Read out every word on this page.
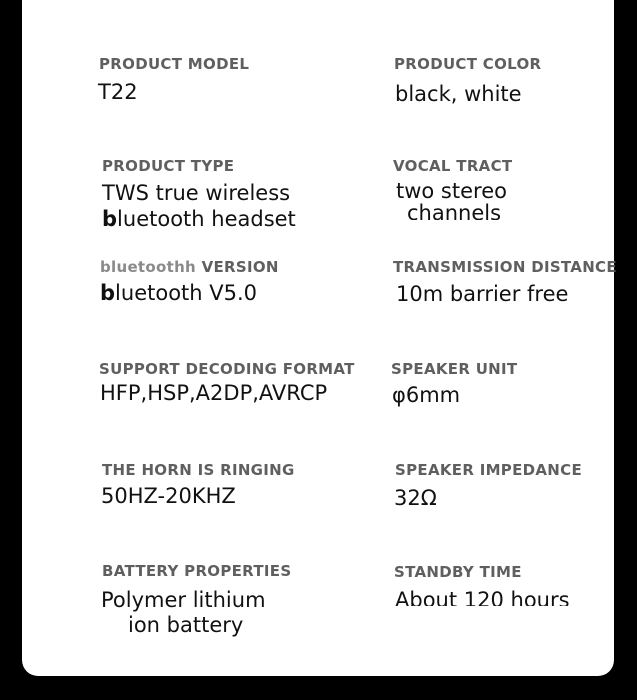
PRODUCT MODEL
T22
PRODUCT COLOR
black, white
PRODUCT TYPE
TWS true wireless
bluetooth headset
VOCAL TRACT
two stereo
channels
bluetoothh VERSION
bluetooth V5.0
TRANSMISSION DISTANCE
10m barrier free
SUPPORT DECODING FORMAT
HFP,HSP,A2DP,AVRCP
SPEAKER UNIT
φ6mm
THE HORN IS RINGING
50HZ-20KHZ
SPEAKER IMPEDANCE
32Ω
BATTERY PROPERTIES
Polymer lithium
ion battery
STANDBY TIME
About 120 hours
